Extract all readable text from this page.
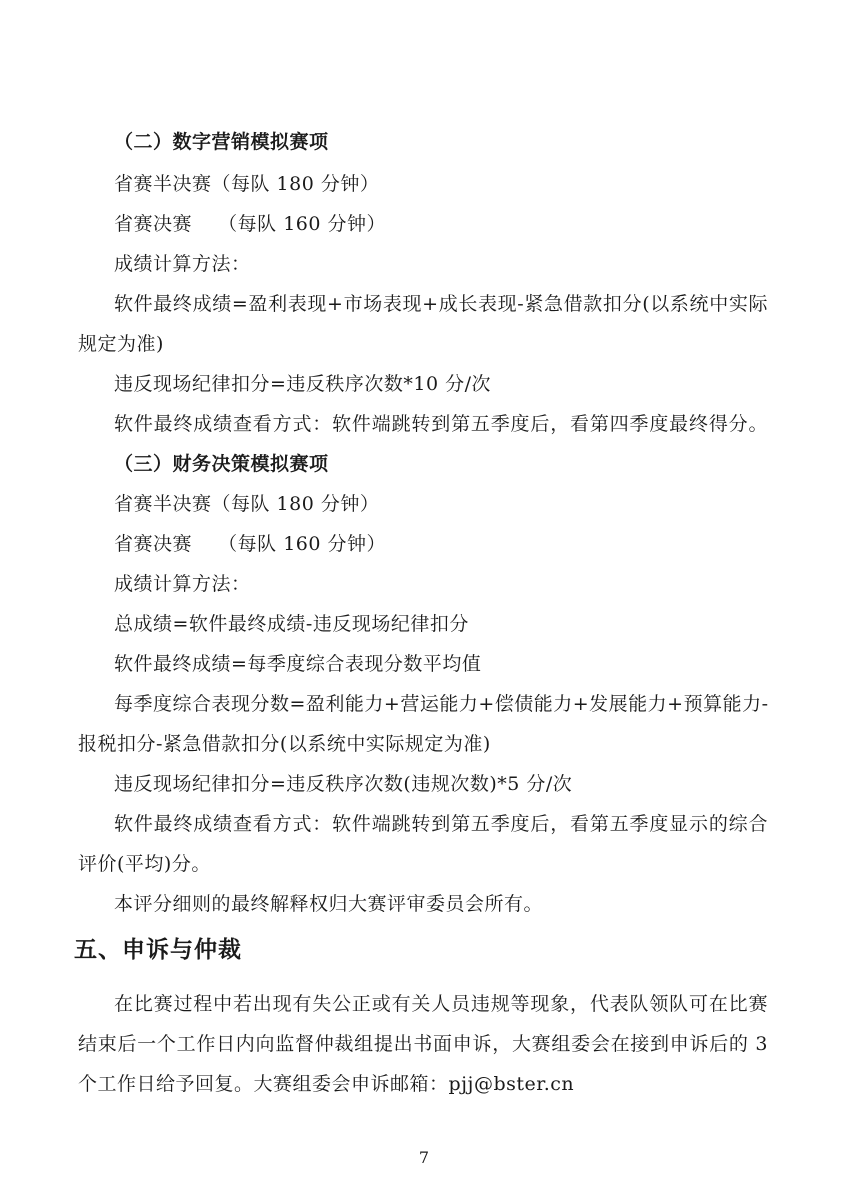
（二）数字营销模拟赛项
省赛半决赛（每队 180 分钟）
省赛决赛    （每队 160 分钟）
成绩计算方法：
软件最终成绩=盈利表现+市场表现+成长表现-紧急借款扣分(以系统中实际
规定为准)
违反现场纪律扣分=违反秩序次数*10 分/次
软件最终成绩查看方式：软件端跳转到第五季度后，看第四季度最终得分。
（三）财务决策模拟赛项
省赛半决赛（每队 180 分钟）
省赛决赛    （每队 160 分钟）
成绩计算方法：
总成绩=软件最终成绩-违反现场纪律扣分
软件最终成绩=每季度综合表现分数平均值
每季度综合表现分数=盈利能力+营运能力+偿债能力+发展能力+预算能力-
报税扣分-紧急借款扣分(以系统中实际规定为准)
违反现场纪律扣分=违反秩序次数(违规次数)*5 分/次
软件最终成绩查看方式：软件端跳转到第五季度后，看第五季度显示的综合
评价(平均)分。
本评分细则的最终解释权归大赛评审委员会所有。
五、申诉与仲裁
在比赛过程中若出现有失公正或有关人员违规等现象，代表队领队可在比赛
结束后一个工作日内向监督仲裁组提出书面申诉，大赛组委会在接到申诉后的 3
个工作日给予回复。大赛组委会申诉邮箱：pjj@bster.cn
7
